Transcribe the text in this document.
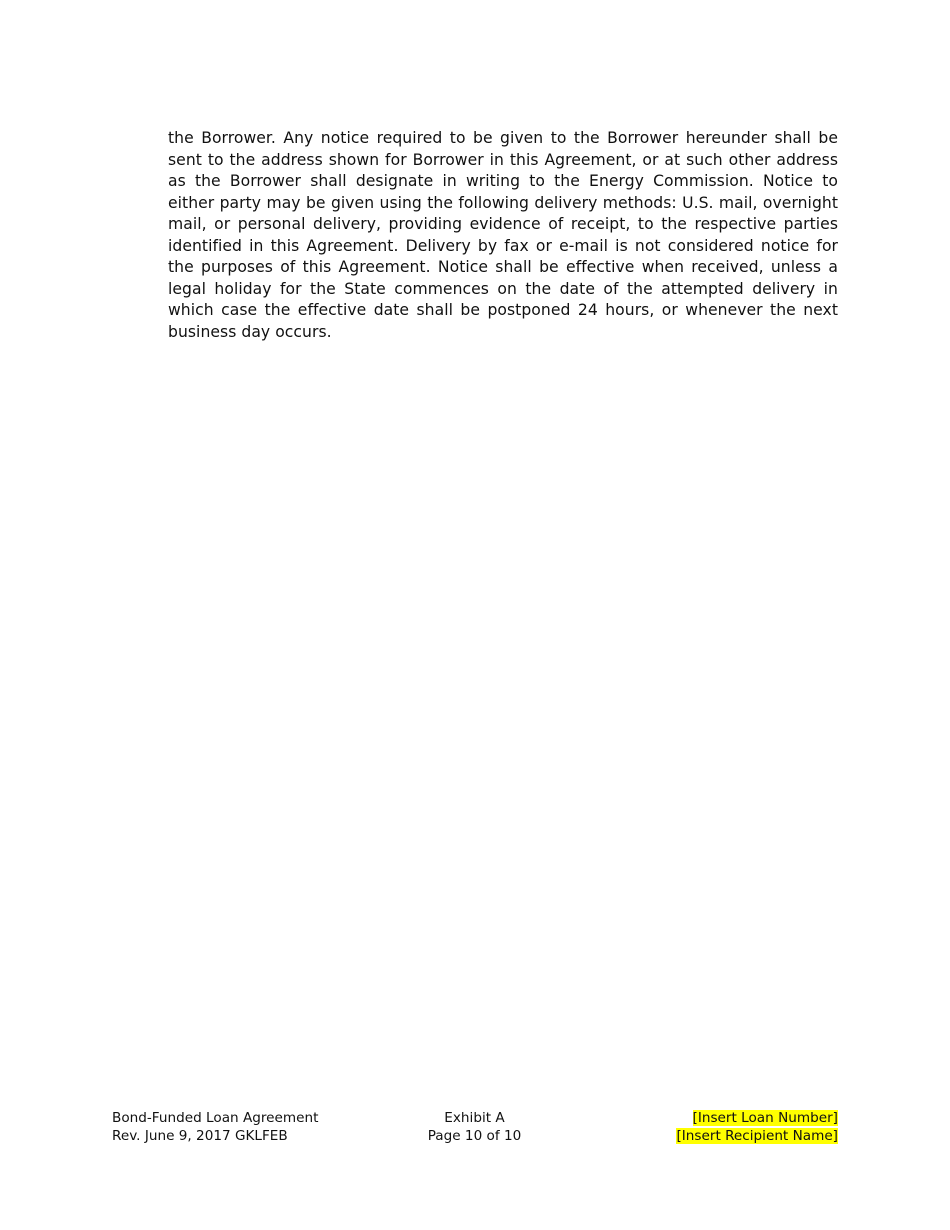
the Borrower. Any notice required to be given to the Borrower hereunder shall be sent to the address shown for Borrower in this Agreement, or at such other address as the Borrower shall designate in writing to the Energy Commission. Notice to either party may be given using the following delivery methods: U.S. mail, overnight mail, or personal delivery, providing evidence of receipt, to the respective parties identified in this Agreement. Delivery by fax or e-mail is not considered notice for the purposes of this Agreement. Notice shall be effective when received, unless a legal holiday for the State commences on the date of the attempted delivery in which case the effective date shall be postponed 24 hours, or whenever the next business day occurs.

Bond-Funded Loan Agreement
Rev. June 9, 2017 GKLFEB
Exhibit A
Page 10 of 10
[Insert Loan Number]
[Insert Recipient Name]
